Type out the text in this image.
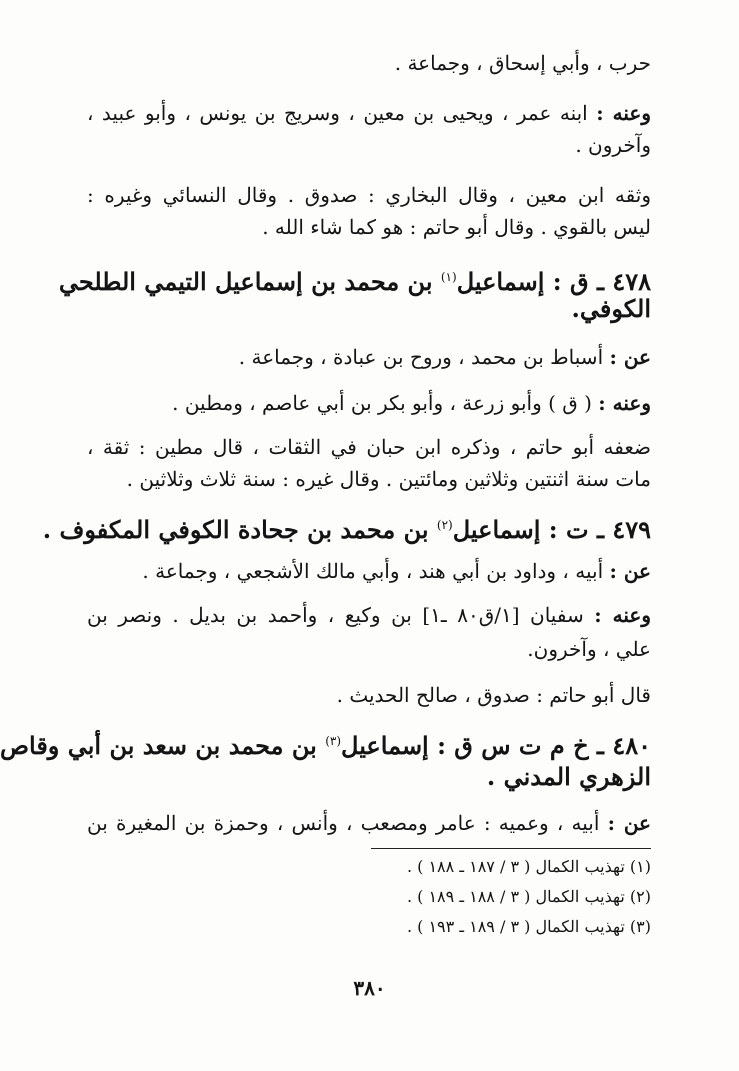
حرب ، وأبي إسحاق ، وجماعة .
وعنه : ابنه عمر ، ويحيى بن معين ، وسريج بن يونس ، وأبو عبيد ،
وآخرون .
وثقه ابن معين ، وقال البخاري : صدوق . وقال النسائي وغيره :
ليس بالقوي . وقال أبو حاتم : هو كما شاء الله .
٤٧٨ ـ ق : إسماعيل$^{(١)}$ بن محمد بن إسماعيل التيمي الطلحي
الكوفي.
عن : أسباط بن محمد ، وروح بن عبادة ، وجماعة .
وعنه : ( ق ) وأبو زرعة ، وأبو بكر بن أبي عاصم ، ومطين .
ضعفه أبو حاتم ، وذكره ابن حبان في الثقات ، قال مطين : ثقة ،
مات سنة اثنتين وثلاثين ومائتين . وقال غيره : سنة ثلاث وثلاثين .
٤٧٩ ـ ت : إسماعيل$^{(٢)}$ بن محمد بن جحادة الكوفي المكفوف .
عن : أبيه ، وداود بن أبي هند ، وأبي مالك الأشجعي ، وجماعة .
وعنه : سفيان [١/ق٨٠ ـ١] بن وكيع ، وأحمد بن بديل . ونصر بن
علي ، وآخرون.
قال أبو حاتم : صدوق ، صالح الحديث .
٤٨٠ ـ خ م ت س ق : إسماعيل$^{(٣)}$ بن محمد بن سعد بن أبي وقاص
الزهري المدني .
عن : أبيه ، وعميه : عامر ومصعب ، وأنس ، وحمزة بن المغيرة بن
(١) تهذيب الكمال ( ٣ / ١٨٧ ـ ١٨٨ ) .
(٢) تهذيب الكمال ( ٣ / ١٨٨ ـ ١٨٩ ) .
(٣) تهذيب الكمال ( ٣ / ١٨٩ ـ ١٩٣ ) .
٣٨٠
